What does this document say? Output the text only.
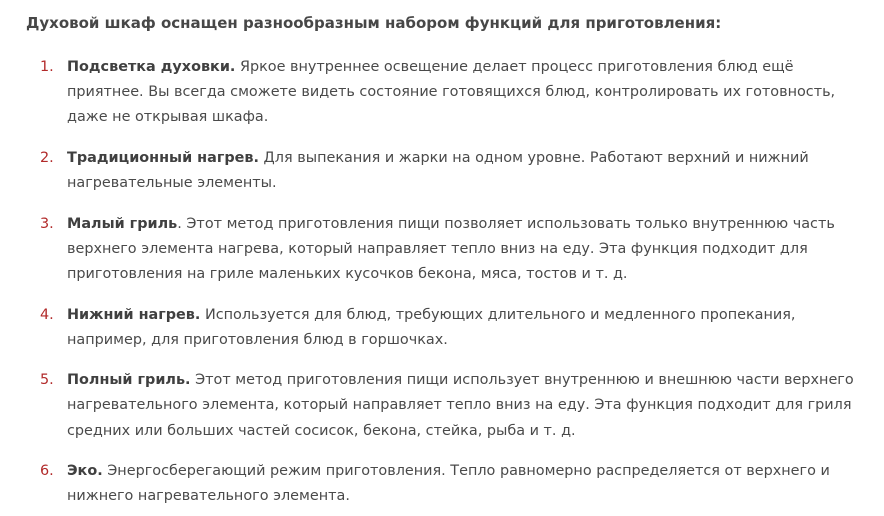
Духовой шкаф оснащен разнообразным набором функций для приготовления:

1. Подсветка духовки. Яркое внутреннее освещение делает процесс приготовления блюд ещё приятнее. Вы всегда сможете видеть состояние готовящихся блюд, контролировать их готовность, даже не открывая шкафа.
2. Традиционный нагрев. Для выпекания и жарки на одном уровне. Работают верхний и нижний нагревательные элементы.
3. Малый гриль. Этот метод приготовления пищи позволяет использовать только внутреннюю часть верхнего элемента нагрева, который направляет тепло вниз на еду. Эта функция подходит для приготовления на гриле маленьких кусочков бекона, мяса, тостов и т. д.
4. Нижний нагрев. Используется для блюд, требующих длительного и медленного пропекания, например, для приготовления блюд в горшочках.
5. Полный гриль. Этот метод приготовления пищи использует внутреннюю и внешнюю части верхнего нагревательного элемента, который направляет тепло вниз на еду. Эта функция подходит для гриля средних или больших частей сосисок, бекона, стейка, рыба и т. д.
6. Эко. Энергосберегающий режим приготовления. Тепло равномерно распределяется от верхнего и нижнего нагревательного элемента.
